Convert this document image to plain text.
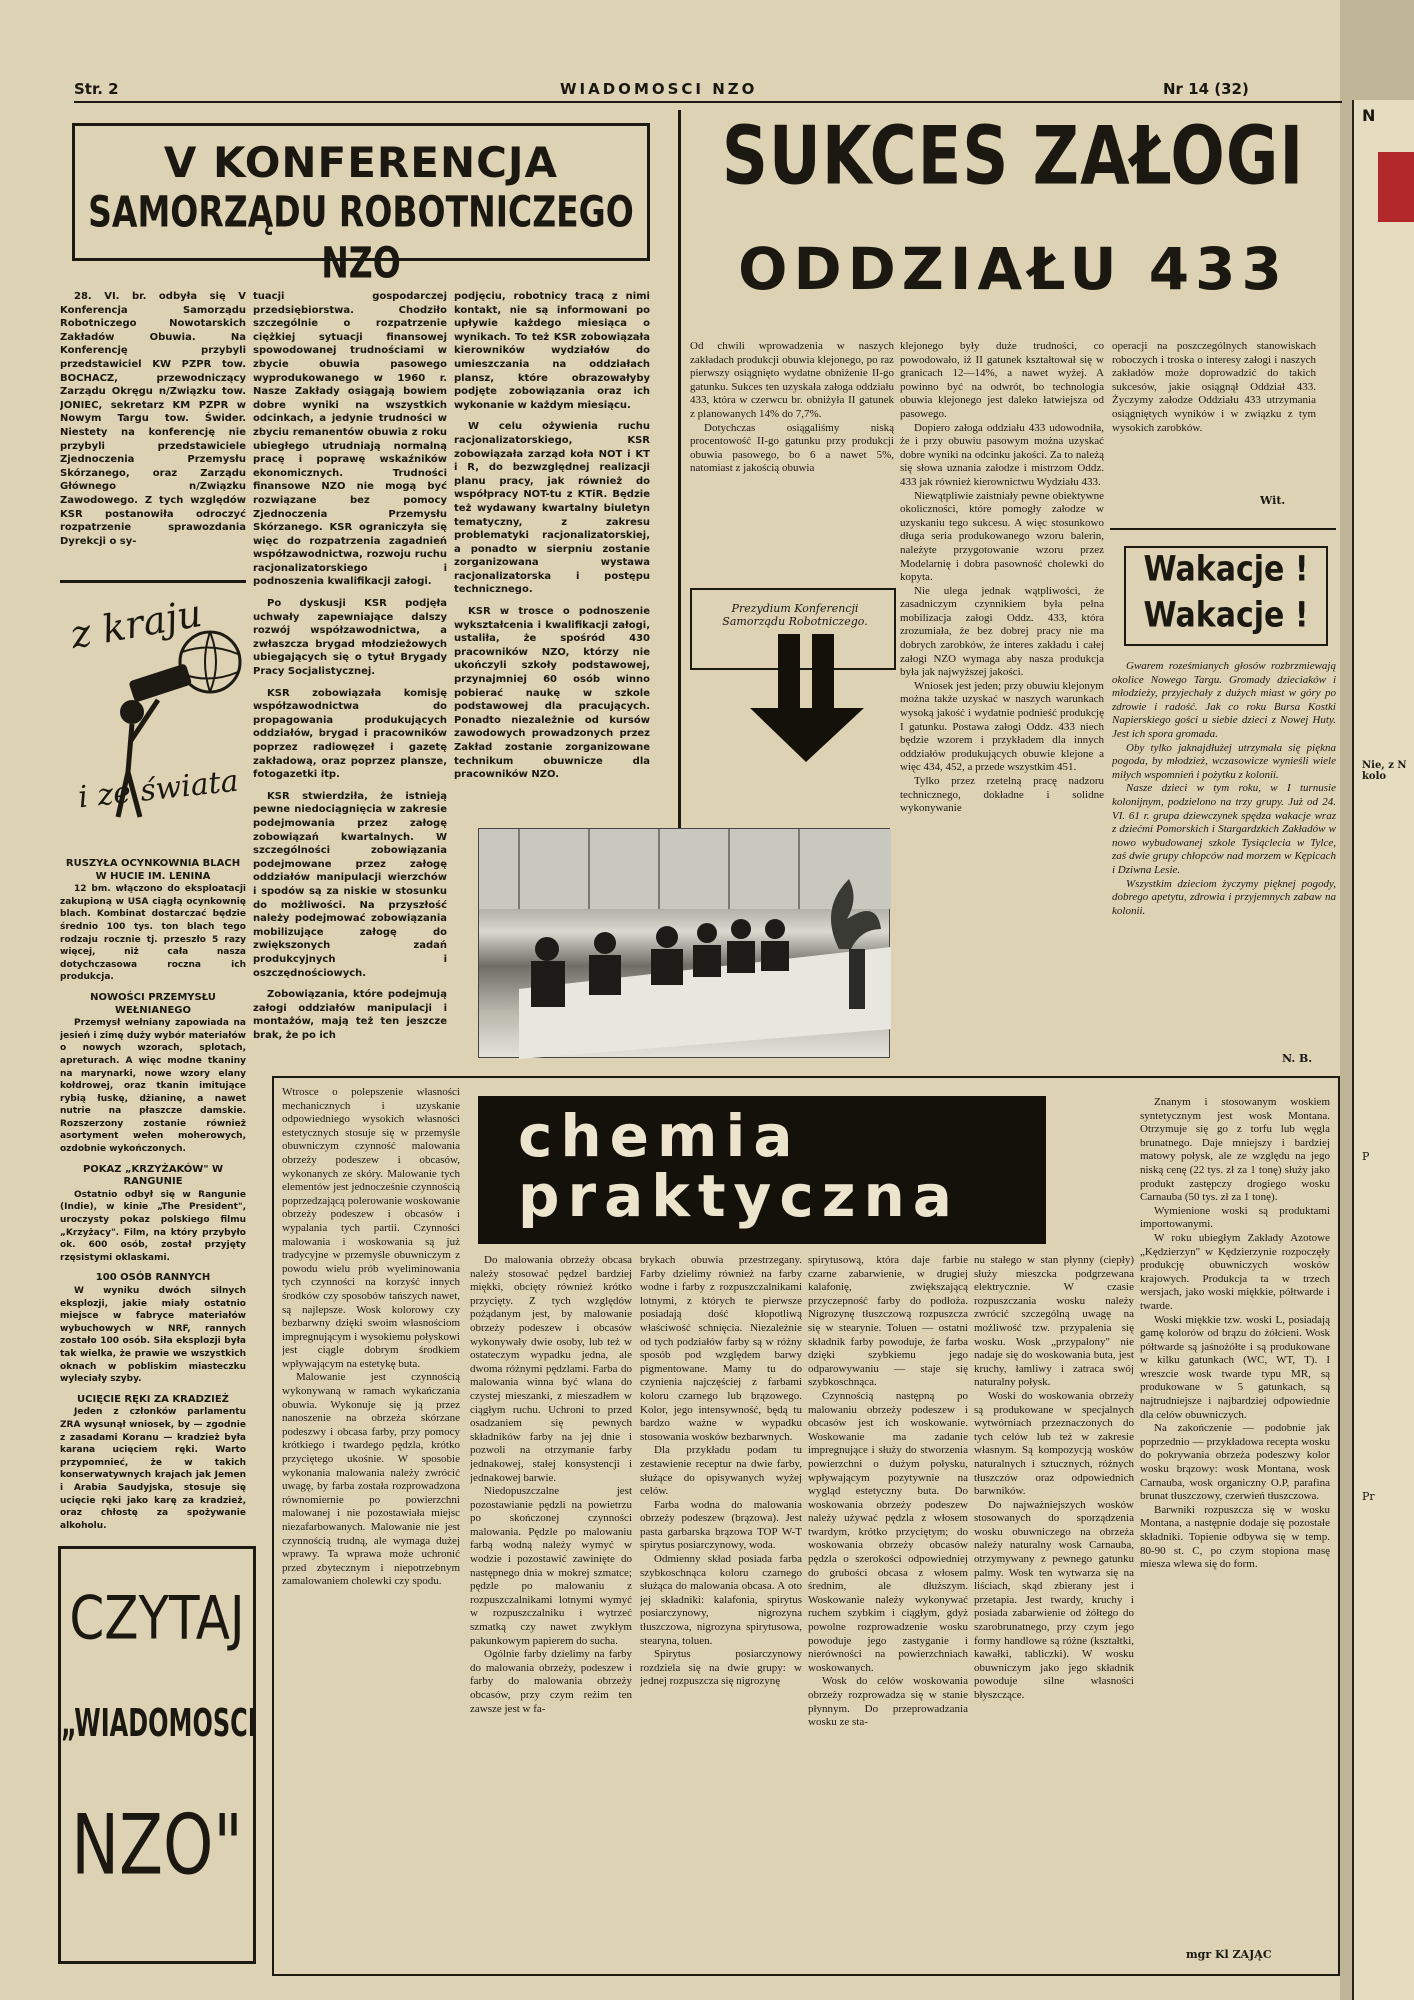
N
Nie, z N kolo
P
Pr
Str. 2	WIADOMOSCI NZO	Nr 14 (32)
V KONFERENCJA
SAMORZĄDU ROBOTNICZEGO NZO

28. VI. br. odbyła się V Konferencja Samorządu Robotniczego Nowotarskich Zakładów Obuwia. Na Konferencję przybyli przedstawiciel KW PZPR tow. BOCHACZ, przewodniczący Zarządu Okręgu n/Związku tow. JONIEC, sekretarz KM PZPR w Nowym Targu tow. Świder. Niestety na konferencję nie przybyli przedstawiciele Zjednoczenia Przemysłu Skórzanego, oraz Zarządu Głównego n/Związku Zawodowego. Z tych względów KSR postanowiła odroczyć rozpatrzenie sprawozdania Dyrekcji o sy-

tuacji gospodarczej przedsiębiorstwa. Chodziło szczególnie o rozpatrzenie ciężkiej sytuacji finansowej spowodowanej trudnościami w zbycie obuwia pasowego wyprodukowanego w 1960 r. Nasze Zakłady osiągają bowiem dobre wyniki na wszystkich odcinkach, a jedynie trudności w zbyciu remanentów obuwia z roku ubiegłego utrudniają normalną pracę i poprawę wskaźników ekonomicznych. Trudności finansowe NZO nie mogą być rozwiązane bez pomocy Zjednoczenia Przemysłu Skórzanego. KSR ograniczyła się więc do rozpatrzenia zagadnień współzawodnictwa, rozwoju ruchu racjonalizatorskiego i podnoszenia kwalifikacji załogi.

Po dyskusji KSR podjęła uchwały zapewniające dalszy rozwój współzawodnictwa, a zwłaszcza brygad młodzieżowych ubiegających się o tytuł Brygady Pracy Socjalistycznej.

KSR zobowiązała komisję współzawodnictwa do propagowania produkujących oddziałów, brygad i pracowników poprzez radiowęzeł i gazetę zakładową, oraz poprzez plansze, fotogazetki itp.

KSR stwierdziła, że istnieją pewne niedociągnięcia w zakresie podejmowania przez załogę zobowiązań kwartalnych. W szczególności zobowiązania podejmowane przez załogę oddziałów manipulacji wierzchów i spodów są za niskie w stosunku do możliwości. Na przyszłość należy podejmować zobowiązania mobilizujące załogę do zwiększonych zadań produkcyjnych i oszczędnościowych.

Zobowiązania, które podejmują załogi oddziałów manipulacji i montażów, mają też ten jeszcze brak, że po ich

podjęciu, robotnicy tracą z nimi kontakt, nie są informowani po upływie każdego miesiąca o wynikach. To też KSR zobowiązała kierowników wydziałów do umieszczania na oddziałach plansz, które obrazowałyby podjęte zobowiązania oraz ich wykonanie w każdym miesiącu.

W celu ożywienia ruchu racjonalizatorskiego, KSR zobowiązała zarząd koła NOT i KT i R, do bezwzględnej realizacji planu pracy, jak również do współpracy NOT-tu z KTiR. Będzie też wydawany kwartalny biuletyn tematyczny, z zakresu problematyki racjonalizatorskiej, a ponadto w sierpniu zostanie zorganizowana wystawa racjonalizatorska i postępu technicznego.

KSR w trosce o podnoszenie wykształcenia i kwalifikacji załogi, ustaliła, że spośród 430 pracowników NZO, którzy nie ukończyli szkoły podstawowej, przynajmniej 60 osób winno pobierać naukę w szkole podstawowej dla pracujących. Ponadto niezależnie od kursów zawodowych prowadzonych przez Zakład zostanie zorganizowane technikum obuwnicze dla pracowników NZO.

z kraju
i ze świata

RUSZYŁA OCYNKOWNIA BLACH W HUCIE IM. LENINA

12 bm. włączono do eksploatacji zakupioną w USA ciągłą ocynkownię blach. Kombinat dostarczać będzie średnio 100 tys. ton blach tego rodzaju rocznie tj. przeszło 5 razy więcej, niż cała nasza dotychczasowa roczna ich produkcja.

NOWOŚCI PRZEMYSŁU WEŁNIANEGO

Przemysł wełniany zapowiada na jesień i zimę duży wybór materiałów o nowych wzorach, splotach, apreturach. A więc modne tkaniny na marynarki, nowe wzory elany kołdrowej, oraz tkanin imitujące rybią łuskę, dżianinę, a nawet nutrie na płaszcze damskie. Rozszerzony zostanie również asortyment wełen moherowych, ozdobnie wykończonych.

POKAZ „KRZYŻAKÓW" W RANGUNIE

Ostatnio odbył się w Rangunie (Indie), w kinie „The President", uroczysty pokaz polskiego filmu „Krzyżacy". Film, na który przybyło ok. 600 osób, został przyjęty rzęsistymi oklaskami.

100 OSÓB RANNYCH

W wyniku dwóch silnych eksplozji, jakie miały ostatnio miejsce w fabryce materiałów wybuchowych w NRF, rannych zostało 100 osób. Siła eksplozji była tak wielka, że prawie we wszystkich oknach w pobliskim miasteczku wyleciały szyby.

UCIĘCIE RĘKI ZA KRADZIEŻ

Jeden z członków parlamentu ZRA wysunął wniosek, by — zgodnie z zasadami Koranu — kradzież była karana ucięciem ręki. Warto przypomnieć, że w takich konserwatywnych krajach jak Jemen i Arabia Saudyjska, stosuje się ucięcie ręki jako karę za kradzież, oraz chłostę za spożywanie alkoholu.

CZYTAJ
„WIADOMOSCI
NZO"
SUKCES ZAŁOGI
ODDZIAŁU 433

Od chwili wprowadzenia w naszych zakładach produkcji obuwia klejonego, po raz pierwszy osiągnięto wydatne obniżenie II-go gatunku. Sukces ten uzyskała załoga oddziału 433, która w czerwcu br. obniżyła II gatunek z planowanych 14% do 7,7%.

Dotychczas osiągaliśmy niską procentowość II-go gatunku przy produkcji obuwia pasowego, bo 6 a nawet 5%, natomiast z jakością obuwia

klejonego były duże trudności, co powodowało, iż II gatunek kształtował się w granicach 12—14%, a nawet wyżej. A powinno być na odwrót, bo technologia obuwia klejonego jest daleko łatwiejsza od pasowego.

Dopiero załoga oddziału 433 udowodniła, że i przy obuwiu pasowym można uzyskać dobre wyniki na odcinku jakości. Za to należą się słowa uznania załodze i mistrzom Oddz. 433 jak również kierownictwu Wydziału 433.

Niewątpliwie zaistniały pewne obiektywne okoliczności, które pomogły załodze w uzyskaniu tego sukcesu. A więc stosunkowo długa seria produkowanego wzoru balerin, należyte przygotowanie wzoru przez Modelarnię i dobra pasowność cholewki do kopyta.

Nie ulega jednak wątpliwości, że zasadniczym czynnikiem była pełna mobilizacja załogi Oddz. 433, która zrozumiała, że bez dobrej pracy nie ma dobrych zarobków, że interes zakładu i całej załogi NZO wymaga aby nasza produkcja była jak najwyższej jakości.

Wniosek jest jeden; przy obuwiu klejonym można także uzyskać w naszych warunkach wysoką jakość i wydatnie podnieść produkcję I gatunku. Postawa załogi Oddz. 433 niech będzie wzorem i przykładem dla innych oddziałów produkujących obuwie klejone a więc 434, 452, a przede wszystkim 451.

Tylko przez rzetelną pracę nadzoru technicznego, dokładne i solidne wykonywanie

operacji na poszczególnych stanowiskach roboczych i troska o interesy załogi i naszych zakładów może doprowadzić do takich sukcesów, jakie osiągnął Oddział 433. Życzymy załodze Oddziału 433 utrzymania osiągniętych wyników i w związku z tym wysokich zarobków.

Wit.
Prezydium Konferencji Samorządu Robotniczego.
Wakacje !
Wakacje !

Gwarem roześmianych głosów rozbrzmiewają okolice Nowego Targu. Gromady dzieciaków i młodzieży, przyjechały z dużych miast w góry po zdrowie i radość. Jak co roku Bursa Kostki Napierskiego gości u siebie dzieci z Nowej Huty. Jest ich spora gromada.

Oby tylko jaknajdłużej utrzymała się piękna pogoda, by młodzież, wczasowicze wynieśli wiele miłych wspomnień i pożytku z kolonii.

Nasze dzieci w tym roku, w I turnusie kolonijnym, podzielono na trzy grupy. Już od 24. VI. 61 r. grupa dziewczynek spędza wakacje wraz z dziećmi Pomorskich i Stargardzkich Zakładów w nowo wybudowanej szkole Tysiąclecia w Tylce, zaś dwie grupy chłopców nad morzem w Kępicach i Dziwna Lesie.

Wszystkim dzieciom życzymy pięknej pogody, dobrego apetytu, zdrowia i przyjemnych zabaw na kolonii.

N. B.
chemia
praktyczna

Wtrosce o polepszenie własności mechanicznych i uzyskanie odpowiedniego wysokich własności estetycznych stosuje się w przemyśle obuwniczym czynność malowania obrzeży podeszew i obcasów, wykonanych ze skóry. Malowanie tych elementów jest jednocześnie czynnością poprzedzającą polerowanie woskowanie obrzeży podeszew i obcasów i wypalania tych partii. Czynności malowania i woskowania są już tradycyjne w przemyśle obuwniczym z powodu wielu prób wyeliminowania tych czynności na korzyść innych środków czy sposobów tańszych nawet, są najlepsze. Wosk kolorowy czy bezbarwny dzięki swoim własnościom impregnującym i wysokiemu połyskowi jest ciągle dobrym środkiem wpływającym na estetykę buta.

Malowanie jest czynnością wykonywaną w ramach wykańczania obuwia. Wykonuje się ją przez nanoszenie na obrzeża skórzane podeszwy i obcasa farby, przy pomocy krótkiego i twardego pędzla, krótko przyciętego ukośnie. W sposobie wykonania malowania należy zwrócić uwagę, by farba została rozprowadzona równomiernie po powierzchni malowanej i nie pozostawiała miejsc niezafarbowanych. Malowanie nie jest czynnością trudną, ale wymaga dużej wprawy. Ta wprawa może uchronić przed zbytecznym i niepotrzebnym zamalowaniem cholewki czy spodu.

Do malowania obrzeży obcasa należy stosować pędzel bardziej miękki, obcięty również krótko przycięty. Z tych względów pożądanym jest, by malowanie obrzeży podeszew i obcasów wykonywały dwie osoby, lub też w ostateczym wypadku jedna, ale dwoma różnymi pędzlami. Farba do malowania winna być wlana do czystej mieszanki, z mieszadłem w ciągłym ruchu. Uchroni to przed osadzaniem się pewnych składników farby na jej dnie i pozwoli na otrzymanie farby jednakowej, stałej konsystencji i jednakowej barwie.

Niedopuszczalne jest pozostawianie pędzli na powietrzu po skończonej czynności malowania. Pędzle po malowaniu farbą wodną należy wymyć w wodzie i pozostawić zawinięte do następnego dnia w mokrej szmatce; pędzle po malowaniu z rozpuszczalnikami lotnymi wymyć w rozpuszczalniku i wytrzeć szmatką czy nawet zwykłym pakunkowym papierem do sucha.

Ogólnie farby dzielimy na farby do malowania obrzeży, podeszew i farby do malowania obrzeży obcasów, przy czym reżim ten zawsze jest w fa-

brykach obuwia przestrzegany. Farby dzielimy również na farby wodne i farby z rozpuszczalnikami lotnymi, z których te pierwsze posiadają dość kłopotliwą właściwość schnięcia. Niezależnie od tych podziałów farby są w różny sposób pod względem barwy pigmentowane. Mamy tu do czynienia najczęściej z farbami koloru czarnego lub brązowego. Kolor, jego intensywność, będą tu bardzo ważne w wypadku stosowania wosków bezbarwnych.

Dla przykładu podam tu zestawienie receptur na dwie farby, służące do opisywanych wyżej celów.

Farba wodna do malowania obrzeży podeszew (brązowa). Jest pasta garbarska brązowa TOP W-T spirytus posiarczynowy, woda.

Odmienny skład posiada farba szybkoschnąca koloru czarnego służąca do malowania obcasa. A oto jej składniki: kalafonia, spirytus posiarczynowy, nigrozyna tłuszczowa, nigrozyna spirytusowa, stearyna, toluen.

Spirytus posiarczynowy rozdziela się na dwie grupy: w jednej rozpuszcza się nigrozynę

spirytusową, która daje farbie czarne zabarwienie, w drugiej kalafonię, zwiększającą przyczepność farby do podłoża. Nigrozynę tłuszczową rozpuszcza się w stearynie. Toluen — ostatni składnik farby powoduje, że farba dzięki szybkiemu jego odparowywaniu — staje się szybkoschnąca.

Czynnością następną po malowaniu obrzeży podeszew i obcasów jest ich woskowanie. Woskowanie ma zadanie impregnujące i służy do stworzenia powierzchni o dużym połysku, wpływającym pozytywnie na wygląd estetyczny buta. Do woskowania obrzeży podeszew należy używać pędzla z włosem twardym, krótko przyciętym; do woskowania obrzeży obcasów pędzla o szerokości odpowiedniej do grubości obcasa z włosem średnim, ale dłuższym. Woskowanie należy wykonywać ruchem szybkim i ciągłym, gdyż powolne rozprowadzenie wosku powoduje jego zastyganie i nierówności na powierzchniach woskowanych.

Wosk do celów woskowania obrzeży rozprowadza się w stanie płynnym. Do przeprowadzania wosku ze sta-

nu stałego w stan płynny (ciepły) służy mieszcka podgrzewana elektrycznie. W czasie rozpuszczania wosku należy zwrócić szczególną uwagę na możliwość tzw. przypalenia się wosku. Wosk „przypalony" nie nadaje się do woskowania buta, jest kruchy, łamliwy i zatraca swój naturalny połysk.

Woski do woskowania obrzeży są produkowane w specjalnych wytwórniach przeznaczonych do tych celów lub też w zakresie własnym. Są kompozycją wosków naturalnych i sztucznych, różnych tłuszczów oraz odpowiednich barwników.

Do najważniejszych wosków stosowanych do sporządzenia wosku obuwniczego na obrzeża należy naturalny wosk Carnauba, otrzymywany z pewnego gatunku palmy. Wosk ten wytwarza się na liściach, skąd zbierany jest i przetapia. Jest twardy, kruchy i posiada zabarwienie od żółtego do szarobrunatnego, przy czym jego formy handlowe są różne (kształtki, kawałki, tabliczki). W wosku obuwniczym jako jego składnik powoduje silne własności błyszczące.

Znanym i stosowanym woskiem syntetycznym jest wosk Montana. Otrzymuje się go z torfu lub węgla brunatnego. Daje mniejszy i bardziej matowy połysk, ale ze względu na jego niską cenę (22 tys. zł za 1 tonę) służy jako produkt zastępczy drogiego wosku Carnauba (50 tys. zł za 1 tonę).

Wymienione woski są produktami importowanymi.

W roku ubiegłym Zakłady Azotowe „Kędzierzyn" w Kędzierzynie rozpoczęły produkcję obuwniczych wosków krajowych. Produkcja ta w trzech wersjach, jako woski miękkie, półtwarde i twarde.

Woski miękkie tzw. woski L, posiadają gamę kolorów od brązu do żółcieni. Wosk półtwarde są jaśnożółte i są produkowane w kilku gatunkach (WC, WT, T). I wreszcie wosk twarde typu MR, są produkowane w 5 gatunkach, są najtrudniejsze i najbardziej odpowiednie dla celów obuwniczych.

Na zakończenie — podobnie jak poprzednio — przykładowa recepta wosku do pokrywania obrzeża podeszwy kolor wosku brązowy: wosk Montana, wosk Carnauba, wosk organiczny O.P, parafina brunat tłuszczowy, czerwień tłuszczowa.

Barwniki rozpuszcza się w wosku Montana, a następnie dodaje się pozostałe składniki. Topienie odbywa się w temp. 80-90 st. C, po czym stopiona masę miesza wlewa się do form.

mgr Kl ZAJĄC
